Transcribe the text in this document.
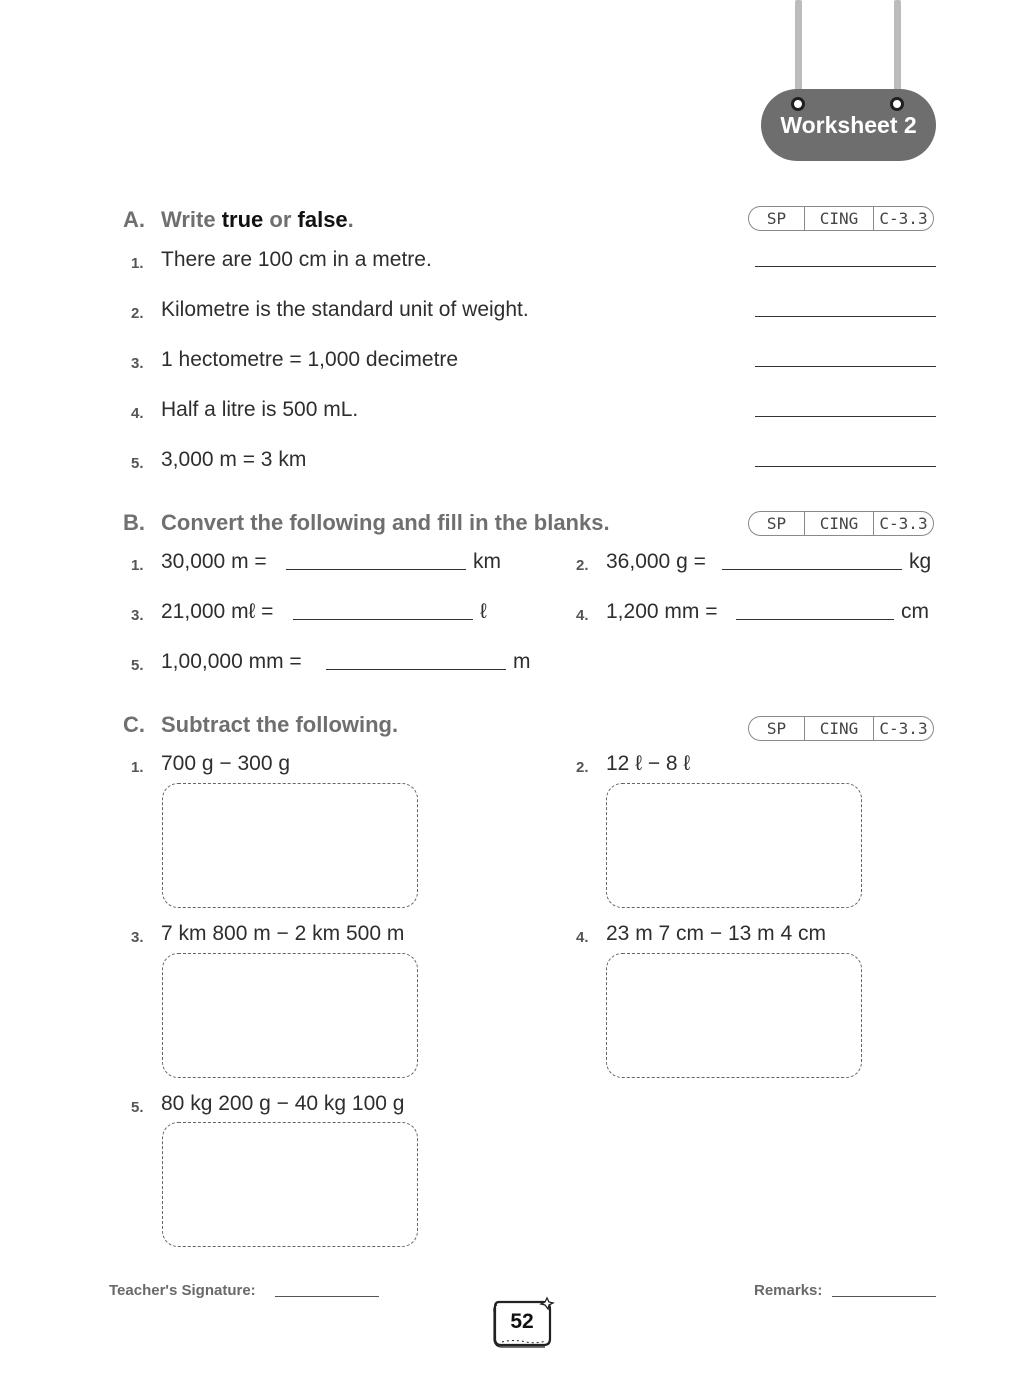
Worksheet 2
A. Write true or false.	SP	CING	C-3.3
1. There are 100 cm in a metre.
2. Kilometre is the standard unit of weight.
3. 1 hectometre = 1,000 decimetre
4. Half a litre is 500 mL.
5. 3,000 m = 3 km
B. Convert the following and fill in the blanks.	SP	CING	C-3.3
1. 30,000 m =	km	2. 36,000 g =	kg
3. 21,000 mℓ =	ℓ	4. 1,200 mm =	cm
5. 1,00,000 mm =	m
C. Subtract the following.	SP	CING	C-3.3
1. 700 g − 300 g	2. 12 ℓ − 8 ℓ
3. 7 km 800 m − 2 km 500 m	4. 23 m 7 cm − 13 m 4 cm
5. 80 kg 200 g − 40 kg 100 g
Teacher's Signature:	Remarks:
52
